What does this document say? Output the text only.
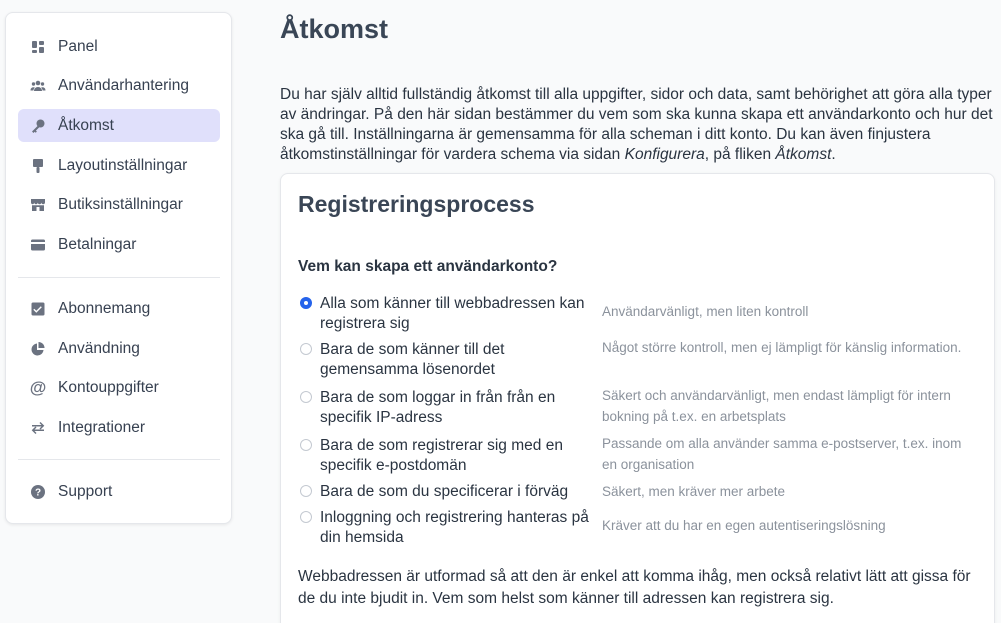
Panel
Användarhantering
Åtkomst
Layoutinställningar
Butiksinställningar
Betalningar
Abonnemang
Användning
@ Kontouppgifter
Integrationer
? Support
Åtkomst

Du har själv alltid fullständig åtkomst till alla uppgifter, sidor och data, samt behörighet att göra alla typer av ändringar. På den här sidan bestämmer du vem som ska kunna skapa ett användarkonto och hur det ska gå till. Inställningarna är gemensamma för alla scheman i ditt konto. Du kan även finjustera åtkomstinställningar för vardera schema via sidan Konfigurera, på fliken Åtkomst.

Registreringsprocess
Vem kan skapa ett användarkonto?
Alla som känner till webbadressen kan registrera sig
Användarvänligt, men liten kontroll
Bara de som känner till det gemensamma lösenordet
Något större kontroll, men ej lämpligt för känslig information.
Bara de som loggar in från från en specifik IP-adress
Säkert och användarvänligt, men endast lämpligt för intern bokning på t.ex. en arbetsplats
Bara de som registrerar sig med en specifik e-postdomän
Passande om alla använder samma e-postserver, t.ex. inom en organisation
Bara de som du specificerar i förväg	Säkert, men kräver mer arbete
Inloggning och registrering hanteras på din hemsida
Kräver att du har en egen autentiseringslösning

Webbadressen är utformad så att den är enkel att komma ihåg, men också relativt lätt att gissa för de du inte bjudit in. Vem som helst som känner till adressen kan registrera sig.
